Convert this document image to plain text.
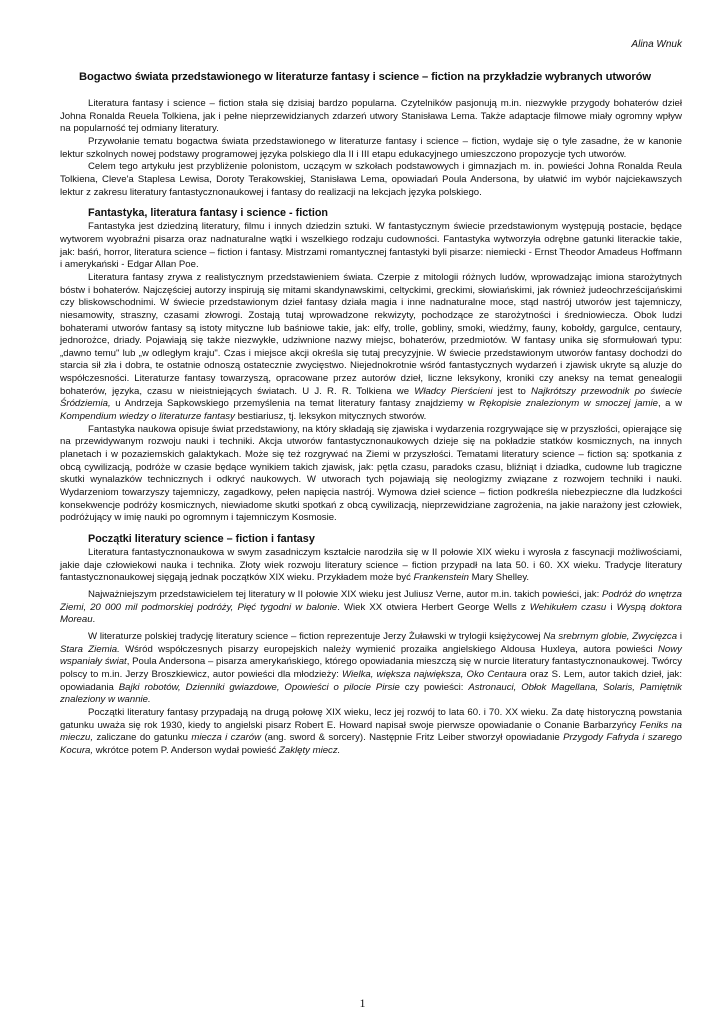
Alina Wnuk
Bogactwo świata przedstawionego w literaturze fantasy i science – fiction na przykładzie wybranych utworów

Literatura fantasy i science – fiction stała się dzisiaj bardzo popularna. Czytelników pasjonują m.in. niezwykłe przygody bohaterów dzieł Johna Ronalda Reuela Tolkiena, jak i pełne nieprzewidzianych zdarzeń utwory Stanisława Lema. Także adaptacje filmowe miały ogromny wpływ na popularność tej odmiany literatury.

Przywołanie tematu bogactwa świata przedstawionego w literaturze fantasy i science – fiction, wydaje się o tyle zasadne, że w kanonie lektur szkolnych nowej podstawy programowej języka polskiego dla II i III etapu edukacyjnego umieszczono propozycje tych utworów.

Celem tego artykułu jest przybliżenie polonistom, uczącym w szkołach podstawowych i gimnazjach m. in. powieści Johna Ronalda Reula Tolkiena, Cleve'a Staplesa Lewisa, Doroty Terakowskiej, Stanisława Lema, opowiadań Poula Andersona, by ułatwić im wybór najciekawszych lektur z zakresu literatury fantastycznonaukowej i fantasy do realizacji na lekcjach języka polskiego.

Fantastyka, literatura fantasy i science - fiction

Fantastyka jest dziedziną literatury, filmu i innych dziedzin sztuki. W fantastycznym świecie przedstawionym występują postacie, będące wytworem wyobraźni pisarza oraz nadnaturalne wątki i wszelkiego rodzaju cudowności. Fantastyka wytworzyła odrębne gatunki literackie takie, jak: baśń, horror, literatura science – fiction i fantasy. Mistrzami romantycznej fantastyki byli pisarze: niemiecki - Ernst Theodor Amadeus Hoffmann i amerykański - Edgar Allan Poe.

Literatura fantasy zrywa z realistycznym przedstawieniem świata. Czerpie z mitologii różnych ludów, wprowadzając imiona starożytnych bóstw i bohaterów. Najczęściej autorzy inspirują się mitami skandynawskimi, celtyckimi, greckimi, słowiańskimi, jak również judeochrześcijańskimi czy bliskowschodnimi. W świecie przedstawionym dzieł fantasy działa magia i inne nadnaturalne moce, stąd nastrój utworów jest tajemniczy, niesamowity, straszny, czasami złowrogi. Zostają tutaj wprowadzone rekwizyty, pochodzące ze starożytności i średniowiecza. Obok ludzi bohaterami utworów fantasy są istoty mityczne lub baśniowe takie, jak: elfy, trolle, gobliny, smoki, wiedźmy, fauny, kobołdy, gargulce, centaury, jednorożce, driady. Pojawiają się także niezwykłe, udziwnione nazwy miejsc, bohaterów, przedmiotów. W fantasy unika się sformułowań typu: „dawno temu" lub „w odległym kraju". Czas i miejsce akcji określa się tutaj precyzyjnie. W świecie przedstawionym utworów fantasy dochodzi do starcia sił zła i dobra, te ostatnie odnoszą ostatecznie zwycięstwo. Niejednokrotnie wśród fantastycznych wydarzeń i zjawisk ukryte są aluzje do współczesności. Literaturze fantasy towarzyszą, opracowane przez autorów dzieł, liczne leksykony, kroniki czy aneksy na temat genealogii bohaterów, języka, czasu w nieistniejących światach. U J. R. R. Tolkiena we Władcy Pierścieni jest to Najkrótszy przewodnik po świecie Śródziemia, u Andrzeja Sapkowskiego przemyślenia na temat literatury fantasy znajdziemy w Rękopisie znalezionym w smoczej jamie, a w Kompendium wiedzy o literaturze fantasy bestiariusz, tj. leksykon mitycznych stworów.

Fantastyka naukowa opisuje świat przedstawiony, na który składają się zjawiska i wydarzenia rozgrywające się w przyszłości, opierające się na przewidywanym rozwoju nauki i techniki. Akcja utworów fantastycznonaukowych dzieje się na pokładzie statków kosmicznych, na innych planetach i w pozaziemskich galaktykach. Może się też rozgrywać na Ziemi w przyszłości. Tematami literatury science – fiction są: spotkania z obcą cywilizacją, podróże w czasie będące wynikiem takich zjawisk, jak: pętla czasu, paradoks czasu, bliźniąt i dziadka, cudowne lub tragiczne skutki wynalazków technicznych i odkryć naukowych. W utworach tych pojawiają się neologizmy związane z rozwojem techniki i nauki. Wydarzeniom towarzyszy tajemniczy, zagadkowy, pełen napięcia nastrój. Wymowa dzieł science – fiction podkreśla niebezpieczne dla ludzkości konsekwencje podróży kosmicznych, niewiadome skutki spotkań z obcą cywilizacją, nieprzewidziane zagrożenia, na jakie narażony jest człowiek, podróżujący w imię nauki po ogromnym i tajemniczym Kosmosie.

Początki literatury science – fiction i fantasy

Literatura fantastycznonaukowa w swym zasadniczym kształcie narodziła się w II połowie XIX wieku i wyrosła z fascynacji możliwościami, jakie daje człowiekowi nauka i technika. Złoty wiek rozwoju literatury science – fiction przypadł na lata 50. i 60. XX wieku. Tradycje literatury fantastycznonaukowej sięgają jednak początków XIX wieku. Przykładem może być Frankenstein Mary Shelley.

Najważniejszym przedstawicielem tej literatury w II połowie XIX wieku jest Juliusz Verne, autor m.in. takich powieści, jak: Podróż do wnętrza Ziemi, 20 000 mil podmorskiej podróży, Pięć tygodni w balonie. Wiek XX otwiera Herbert George Wells z Wehikułem czasu i Wyspą doktora Moreau.

W literaturze polskiej tradycję literatury science – fiction reprezentuje Jerzy Żuławski w trylogii księżycowej Na srebrnym globie, Zwycięzca i Stara Ziemia. Wśród współczesnych pisarzy europejskich należy wymienić prozaika angielskiego Aldousa Huxleya, autora powieści Nowy wspaniały świat, Poula Andersona – pisarza amerykańskiego, którego opowiadania mieszczą się w nurcie literatury fantastycznonaukowej. Twórcy polscy to m.in. Jerzy Broszkiewicz, autor powieści dla młodzieży: Wielka, większa największa, Oko Centaura oraz S. Lem, autor takich dzieł, jak: opowiadania Bajki robotów, Dzienniki gwiazdowe, Opowieści o pilocie Pirsie czy powieści: Astronauci, Obłok Magellana, Solaris, Pamiętnik znaleziony w wannie.

Początki literatury fantasy przypadają na drugą połowę XIX wieku, lecz jej rozwój to lata 60. i 70. XX wieku. Za datę historyczną powstania gatunku uważa się rok 1930, kiedy to angielski pisarz Robert E. Howard napisał swoje pierwsze opowiadanie o Conanie Barbarzyńcy Feniks na mieczu, zaliczane do gatunku miecza i czarów (ang. sword & sorcery). Następnie Fritz Leiber stworzył opowiadanie Przygody Fafryda i szarego Kocura, wkrótce potem P. Anderson wydał powieść Zaklęty miecz.

1
